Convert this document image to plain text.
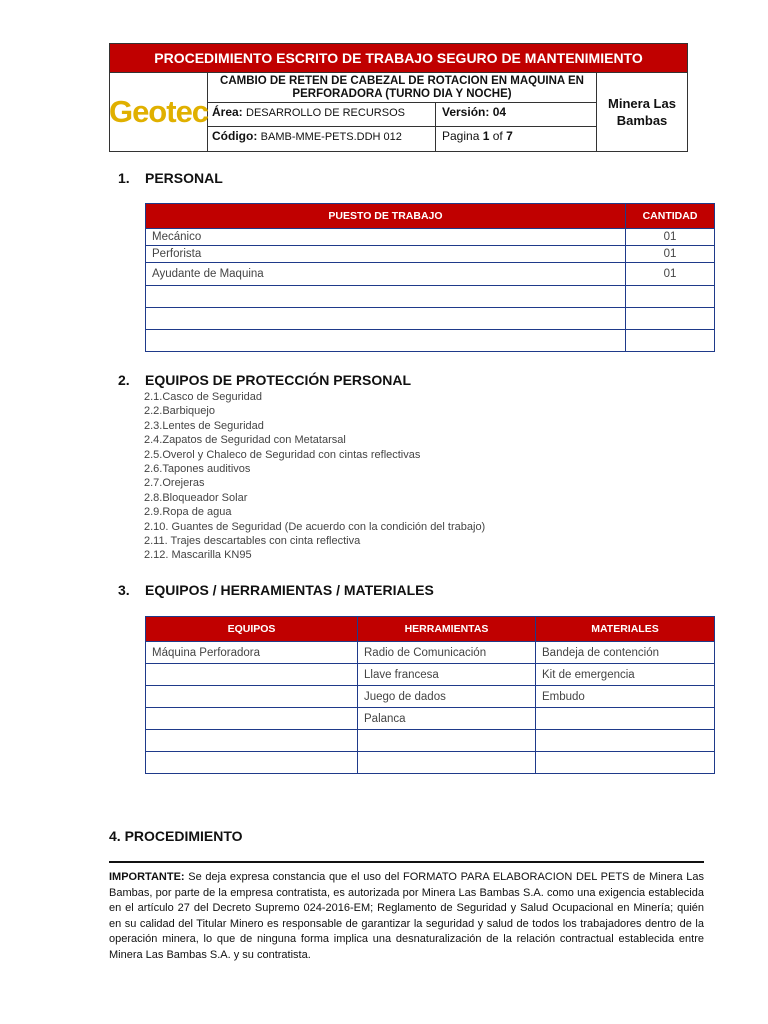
PROCEDIMIENTO ESCRITO DE TRABAJO SEGURO DE MANTENIMIENTO
Geotec
CAMBIO DE RETEN DE CABEZAL DE ROTACION EN MAQUINA EN PERFORADORA (TURNO DIA Y NOCHE)
Área: DESARROLLO DE RECURSOS	Versión: 04
Código: BAMB-MME-PETS.DDH 012	Pagina 1 of 7
Minera Las Bambas
1. PERSONAL
PUESTO DE TRABAJO	CANTIDAD
Mecánico	01
Perforista	01
Ayudante de Maquina	01

2. EQUIPOS DE PROTECCIÓN PERSONAL
2.1.Casco de Seguridad
2.2.Barbiquejo
2.3.Lentes de Seguridad
2.4.Zapatos de Seguridad con Metatarsal
2.5.Overol y Chaleco de Seguridad con cintas reflectivas
2.6.Tapones auditivos
2.7.Orejeras
2.8.Bloqueador Solar
2.9.Ropa de agua
2.10. Guantes de Seguridad (De acuerdo con la condición del trabajo)
2.11. Trajes descartables con cinta reflectiva
2.12. Mascarilla KN95
3. EQUIPOS / HERRAMIENTAS / MATERIALES
EQUIPOS	HERRAMIENTAS	MATERIALES
Máquina Perforadora	Radio de Comunicación	Bandeja de contención
	Llave francesa	Kit de emergencia
	Juego de dados	Embudo
	Palanca	

4. PROCEDIMIENTO
IMPORTANTE: Se deja expresa constancia que el uso del FORMATO PARA ELABORACION DEL PETS de Minera Las Bambas, por parte de la empresa contratista, es autorizada por Minera Las Bambas S.A. como una exigencia establecida en el artículo 27 del Decreto Supremo 024-2016-EM; Reglamento de Seguridad y Salud Ocupacional en Minería; quién en su calidad del Titular Minero es responsable de garantizar la seguridad y salud de todos los trabajadores dentro de la operación minera, lo que de ninguna forma implica una desnaturalización de la relación contractual establecida entre Minera Las Bambas S.A. y su contratista.
